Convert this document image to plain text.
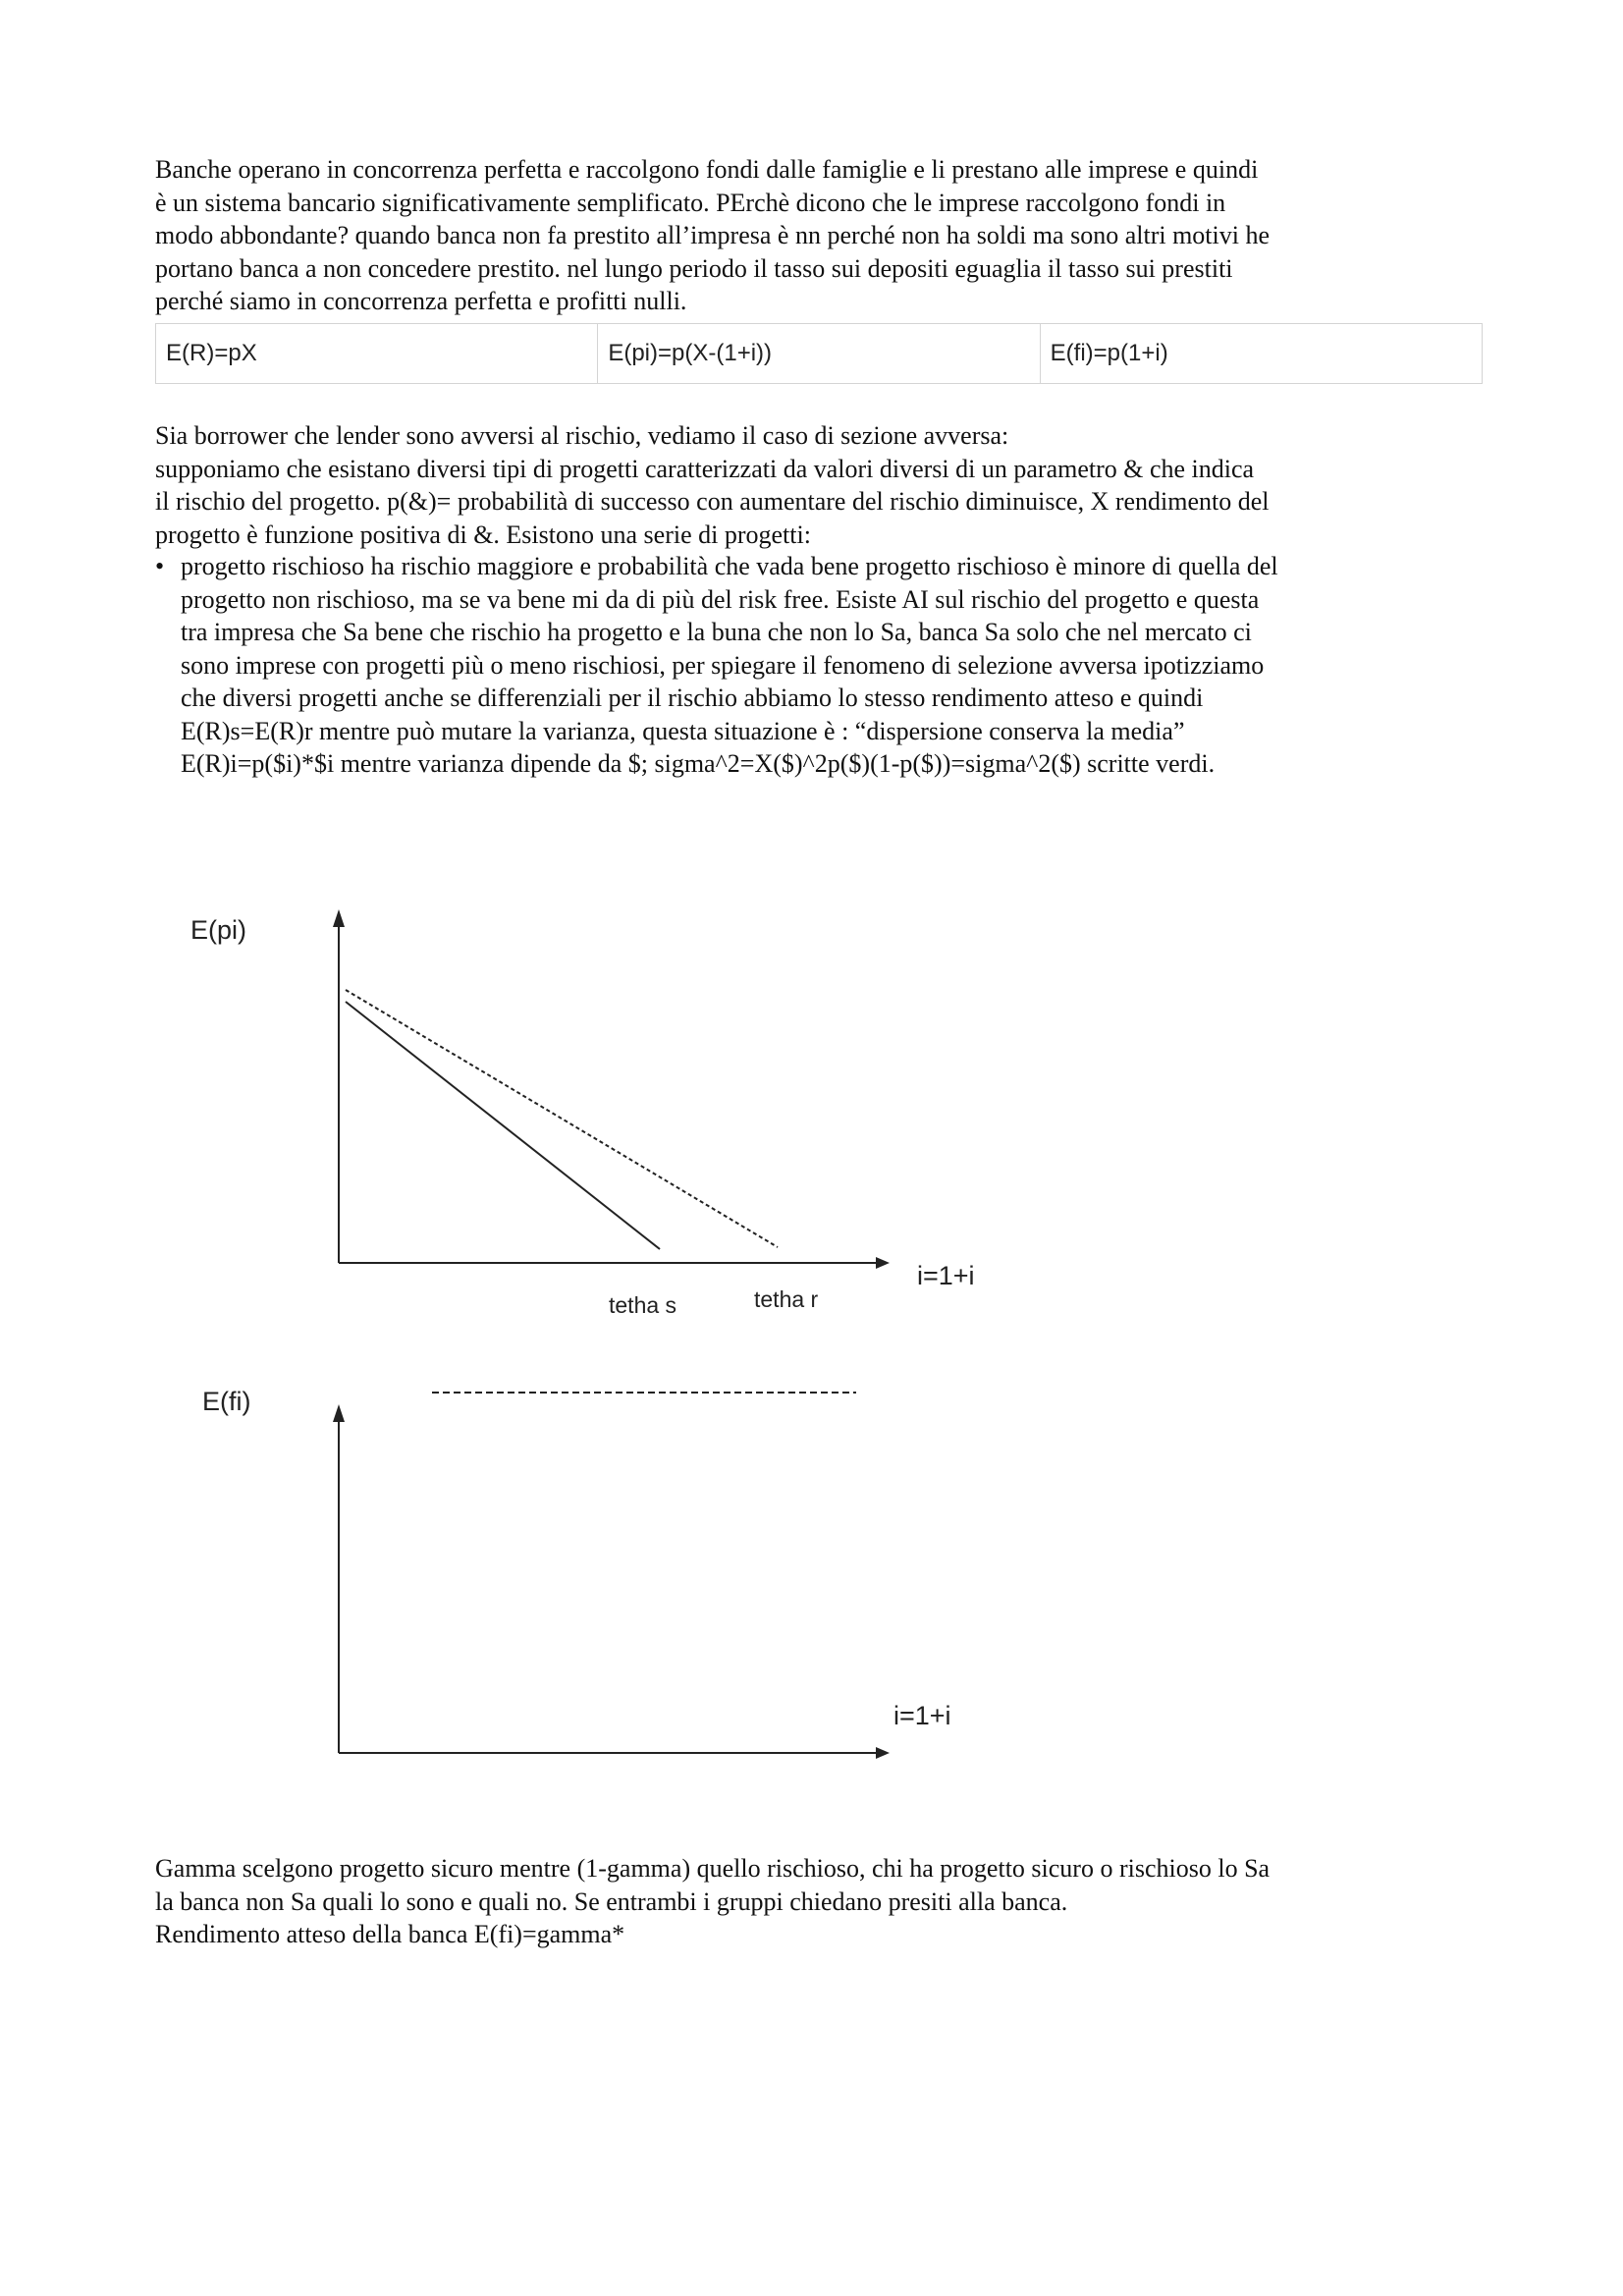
Banche operano in concorrenza perfetta e raccolgono fondi dalle famiglie e li prestano alle imprese e quindi
è un sistema bancario significativamente semplificato. PErchè dicono che le imprese raccolgono fondi in
modo abbondante? quando banca non fa prestito all’impresa è nn perché non ha soldi ma sono altri motivi he
portano banca a non concedere prestito. nel lungo periodo il tasso sui depositi eguaglia il tasso sui prestiti
perché siamo in concorrenza perfetta e profitti nulli.
E(R)=pX	E(pi)=p(X-(1+i))	E(fi)=p(1+i)
Sia borrower che lender sono avversi al rischio, vediamo il caso di sezione avversa:
supponiamo che esistano diversi tipi di progetti caratterizzati da valori diversi di un parametro & che indica
il rischio del progetto. p(&)= probabilità di successo con aumentare del rischio diminuisce, X rendimento del
progetto è funzione positiva di &. Esistono una serie di progetti:
• progetto rischioso ha rischio maggiore e probabilità che vada bene progetto rischioso è minore di quella del
progetto non rischioso, ma se va bene mi da di più del risk free. Esiste AI sul rischio del progetto e questa
tra impresa che Sa bene che rischio ha progetto e la buna che non lo Sa, banca Sa solo che nel mercato ci
sono imprese con progetti più o meno rischiosi, per spiegare il fenomeno di selezione avversa ipotizziamo
che diversi progetti anche se differenziali per il rischio abbiamo lo stesso rendimento atteso e quindi
E(R)s=E(R)r mentre può mutare la varianza, questa situazione è : “dispersione conserva la media”
E(R)i=p($i)*$i mentre varianza dipende da $; sigma^2=X($)^2p($)(1-p($))=sigma^2($) scritte verdi.
E(pi)
i=1+i
tetha s	tetha r
E(fi)
i=1+i
Gamma scelgono progetto sicuro mentre (1-gamma) quello rischioso, chi ha progetto sicuro o rischioso lo Sa
la banca non Sa quali lo sono e quali no. Se entrambi i gruppi chiedano presiti alla banca.
Rendimento atteso della banca E(fi)=gamma*
